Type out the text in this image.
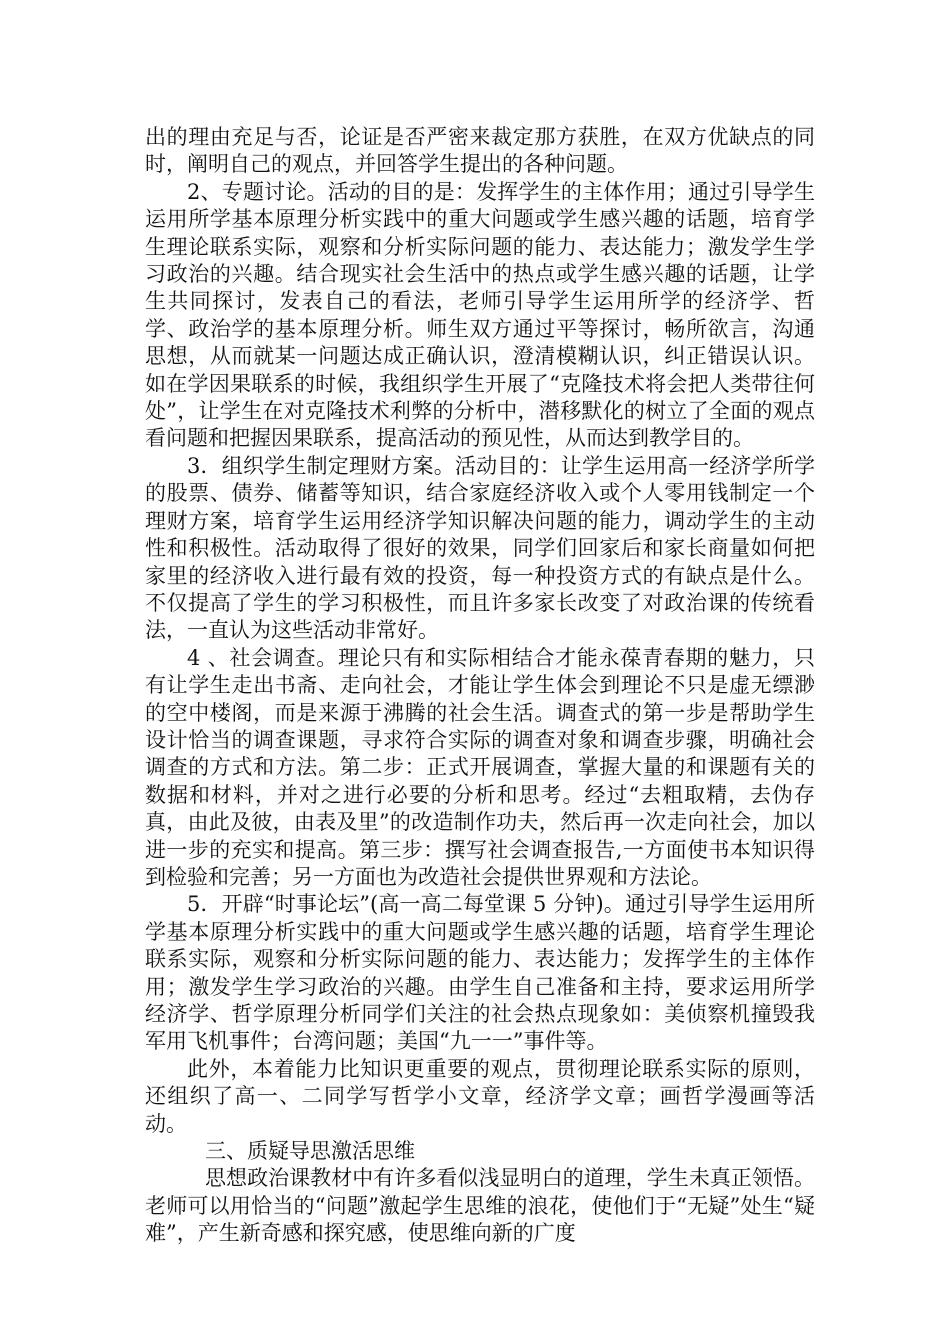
出的理由充足与否，论证是否严密来裁定那方获胜，在双方优缺点的同时，阐明自己的观点，并回答学生提出的各种问题。

2、专题讨论。活动的目的是：发挥学生的主体作用；通过引导学生运用所学基本原理分析实践中的重大问题或学生感兴趣的话题，培育学生理论联系实际，观察和分析实际问题的能力、表达能力；激发学生学习政治的兴趣。结合现实社会生活中的热点或学生感兴趣的话题，让学生共同探讨，发表自己的看法，老师引导学生运用所学的经济学、哲学、政治学的基本原理分析。师生双方通过平等探讨，畅所欲言，沟通思想，从而就某一问题达成正确认识，澄清模糊认识，纠正错误认识。如在学因果联系的时候，我组织学生开展了“克隆技术将会把人类带往何处”，让学生在对克隆技术利弊的分析中，潜移默化的树立了全面的观点看问题和把握因果联系，提高活动的预见性，从而达到教学目的。

3．组织学生制定理财方案。活动目的：让学生运用高一经济学所学的股票、债券、储蓄等知识，结合家庭经济收入或个人零用钱制定一个理财方案，培育学生运用经济学知识解决问题的能力，调动学生的主动性和积极性。活动取得了很好的效果，同学们回家后和家长商量如何把家里的经济收入进行最有效的投资，每一种投资方式的有缺点是什么。不仅提高了学生的学习积极性，而且许多家长改变了对政治课的传统看法，一直认为这些活动非常好。

4 、社会调查。理论只有和实际相结合才能永葆青春期的魅力，只有让学生走出书斋、走向社会，才能让学生体会到理论不只是虚无缥渺的空中楼阁，而是来源于沸腾的社会生活。调查式的第一步是帮助学生设计恰当的调查课题，寻求符合实际的调查对象和调查步骤，明确社会调查的方式和方法。第二步：正式开展调查，掌握大量的和课题有关的数据和材料，并对之进行必要的分析和思考。经过“去粗取精，去伪存真，由此及彼，由表及里”的改造制作功夫，然后再一次走向社会，加以进一步的充实和提高。第三步：撰写社会调查报告,一方面使书本知识得到检验和完善；另一方面也为改造社会提供世界观和方法论。

5．开辟“时事论坛”(高一高二每堂课 5 分钟)。通过引导学生运用所学基本原理分析实践中的重大问题或学生感兴趣的话题，培育学生理论联系实际，观察和分析实际问题的能力、表达能力；发挥学生的主体作用；激发学生学习政治的兴趣。由学生自己准备和主持，要求运用所学经济学、哲学原理分析同学们关注的社会热点现象如：美侦察机撞毁我军用飞机事件；台湾问题；美国“九一一”事件等。

此外，本着能力比知识更重要的观点，贯彻理论联系实际的原则，还组织了高一、二同学写哲学小文章，经济学文章；画哲学漫画等活动。

三、质疑导思激活思维

思想政治课教材中有许多看似浅显明白的道理，学生未真正领悟。老师可以用恰当的“问题”激起学生思维的浪花，使他们于“无疑”处生“疑难”，产生新奇感和探究感，使思维向新的广度
